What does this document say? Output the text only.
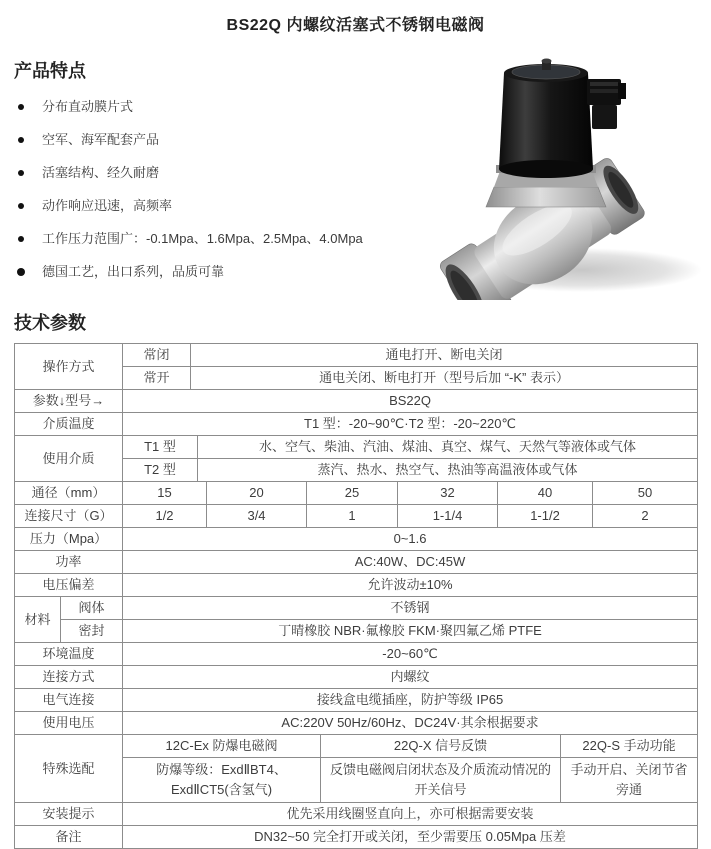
BS22Q 内螺纹活塞式不锈钢电磁阀
产品特点
分布直动膜片式
空军、海军配套产品
活塞结构、经久耐磨
动作响应迅速，高频率
工作压力范围广：-0.1Mpa、1.6Mpa、2.5Mpa、4.0Mpa
德国工艺，出口系列，品质可靠
技术参数
操作方式		常闭	通电打开、断电关闭								
		常开	通电关闭、断电打开（型号后加 “-K” 表示）								
参数↓型号→		BS22Q									
介质温度		T1 型：-20~90℃·T2 型：-20~220℃									
使用介质		T1 型		水、空气、柴油、汽油、煤油、真空、煤气、天然气等液体或气体							
		T2 型		蒸汽、热水、热空气、热油等高温液体或气体							
通径（mm）		15			20	25		32	40		50
连接尺寸（G）		1/2			3/4	1		1-1/4	1-1/2		2
压力（Mpa）		0~1.6									
功率		AC:40W、DC:45W									
电压偏差		允许波动±10%									
材料	阀体	不锈钢									
	密封	丁晴橡胶 NBR·氟橡胶 FKM·聚四氟乙烯 PTFE									
环境温度		-20~60℃									
连接方式		内螺纹									
电气连接		接线盒电缆插座，防护等级 IP65									
使用电压		AC:220V 50Hz/60Hz、DC24V·其余根据要求									
特殊选配		12C-Ex 防爆电磁阀					22Q-X 信号反馈			22Q-S 手动功能	
		防爆等级：ExdⅡBT4、ExdⅡCT5(含氢气)					反馈电磁阀启闭状态及介质流动情况的开关信号			手动开启、关闭节省旁通	
安装提示		优先采用线圈竖直向上，亦可根据需要安装									
备注		DN32~50 完全打开或关闭，至少需要压 0.05Mpa 压差									
